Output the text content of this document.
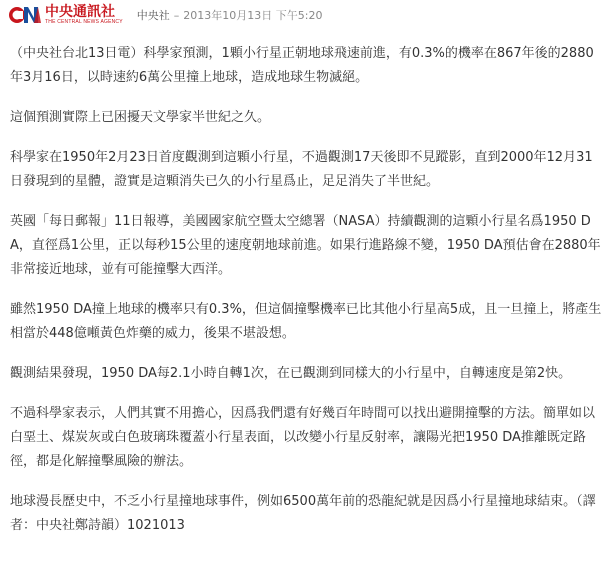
中央通訊社
THE CENTRAL NEWS AGENCY 中央社 – 2013年10月13日 下午5:20

（中央社台北13日電）科學家預測，1顆小行星正朝地球飛速前進，有0.3%的機率在867年後的2880年3月16日，以時速約6萬公里撞上地球，造成地球生物滅絕。

這個預測實際上已困擾天文學家半世紀之久。

科學家在1950年2月23日首度觀測到這顆小行星，不過觀測17天後即不見蹤影，直到2000年12月31日發現到的星體，證實是這顆消失已久的小行星爲止，足足消失了半世紀。

英國「每日郵報」11日報導，美國國家航空暨太空總署（NASA）持續觀測的這顆小行星名爲1950 DA，直徑爲1公里，正以每秒15公里的速度朝地球前進。如果行進路線不變，1950 DA預估會在2880年非常接近地球，並有可能撞擊大西洋。

雖然1950 DA撞上地球的機率只有0.3%，但這個撞擊機率已比其他小行星高5成，且一旦撞上，將產生相當於448億噸黃色炸藥的威力，後果不堪設想。

觀測結果發現，1950 DA每2.1小時自轉1次，在已觀測到同樣大的小行星中，自轉速度是第2快。

不過科學家表示，人們其實不用擔心，因爲我們還有好幾百年時間可以找出避開撞擊的方法。簡單如以白堊土、煤炭灰或白色玻璃珠覆蓋小行星表面，以改變小行星反射率，讓陽光把1950 DA推離既定路徑，都是化解撞擊風險的辦法。

地球漫長歷史中，不乏小行星撞地球事件，例如6500萬年前的恐龍紀就是因爲小行星撞地球結束。（譯者：中央社鄭詩韻）1021013
